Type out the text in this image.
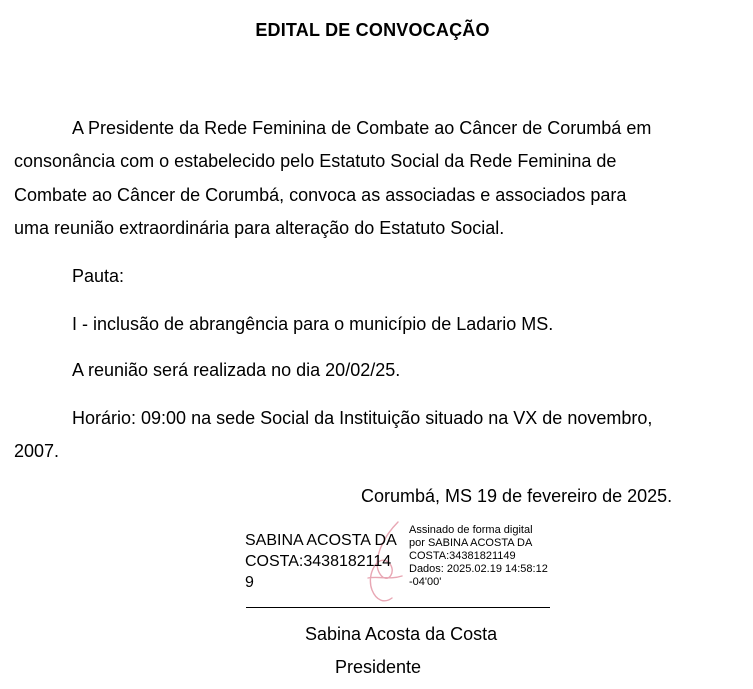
EDITAL DE CONVOCAÇÃO
A Presidente da Rede Feminina de Combate ao Câncer de Corumbá em
consonância com o estabelecido pelo Estatuto Social da Rede Feminina de
Combate ao Câncer de Corumbá, convoca as associadas e associados para
uma reunião extraordinária para alteração do Estatuto Social.
Pauta:
I - inclusão de abrangência para o município de Ladario MS.
A reunião será realizada no dia 20/02/25.
Horário: 09:00 na sede Social da Instituição situado na VX de novembro,
2007.
Corumbá, MS 19 de fevereiro de 2025.
SABINA ACOSTA DA
COSTA:3438182114
9
Assinado de forma digital
por SABINA ACOSTA DA
COSTA:34381821149
Dados: 2025.02.19 14:58:12
-04'00'
Sabina Acosta da Costa
Presidente
